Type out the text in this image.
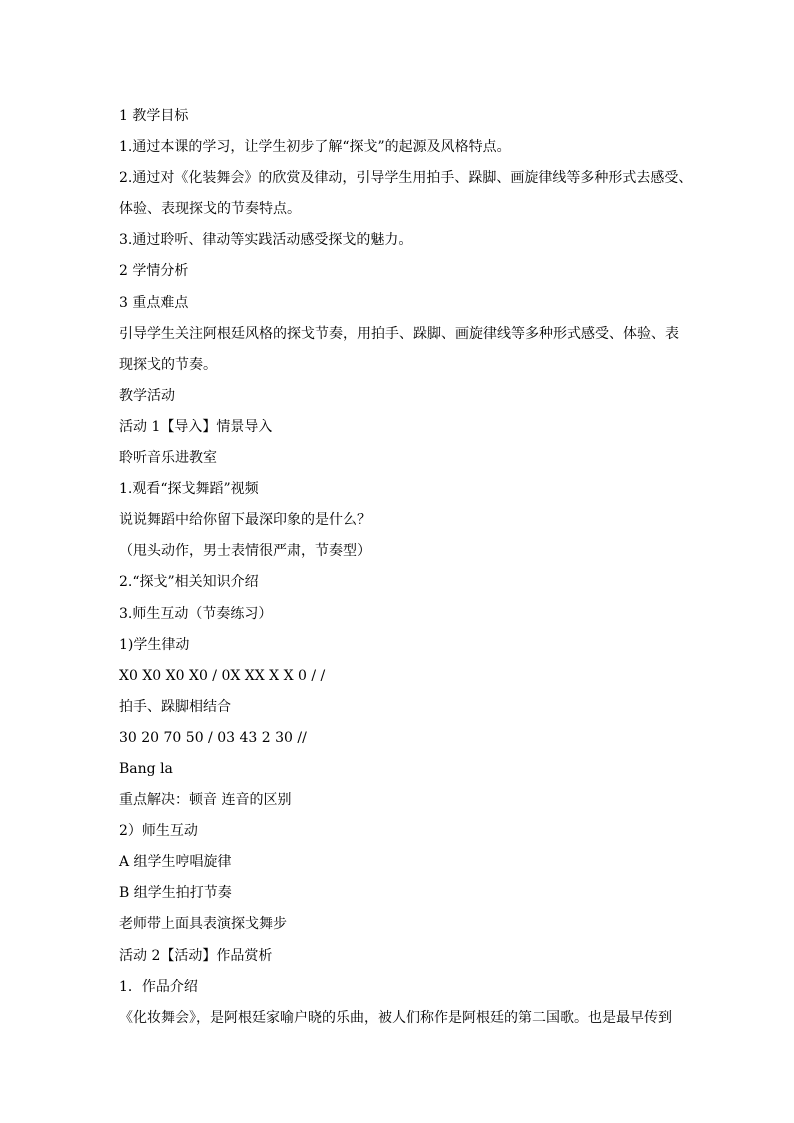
1 教学目标
1.通过本课的学习，让学生初步了解“探戈”的起源及风格特点。
2.通过对《化装舞会》的欣赏及律动，引导学生用拍手、跺脚、画旋律线等多种形式去感受、
体验、表现探戈的节奏特点。
3.通过聆听、律动等实践活动感受探戈的魅力。
2 学情分析
3 重点难点
引导学生关注阿根廷风格的探戈节奏，用拍手、跺脚、画旋律线等多种形式感受、体验、表
现探戈的节奏。
教学活动
活动 1【导入】情景导入
聆听音乐进教室
1.观看“探戈舞蹈”视频
说说舞蹈中给你留下最深印象的是什么？
（甩头动作，男士表情很严肃，节奏型）
2.“探戈”相关知识介绍
3.师生互动（节奏练习）
1)学生律动
X0 X0 X0 X0 / 0X XX X X 0 / /
拍手、跺脚相结合
30 20 70 50 / 03 43 2 30 //
Bang la
重点解决：顿音 连音的区别
2）师生互动
A 组学生哼唱旋律
B 组学生拍打节奏
老师带上面具表演探戈舞步
活动 2【活动】作品赏析
1．作品介绍
《化妆舞会》，是阿根廷家喻户晓的乐曲，被人们称作是阿根廷的第二国歌。也是最早传到
